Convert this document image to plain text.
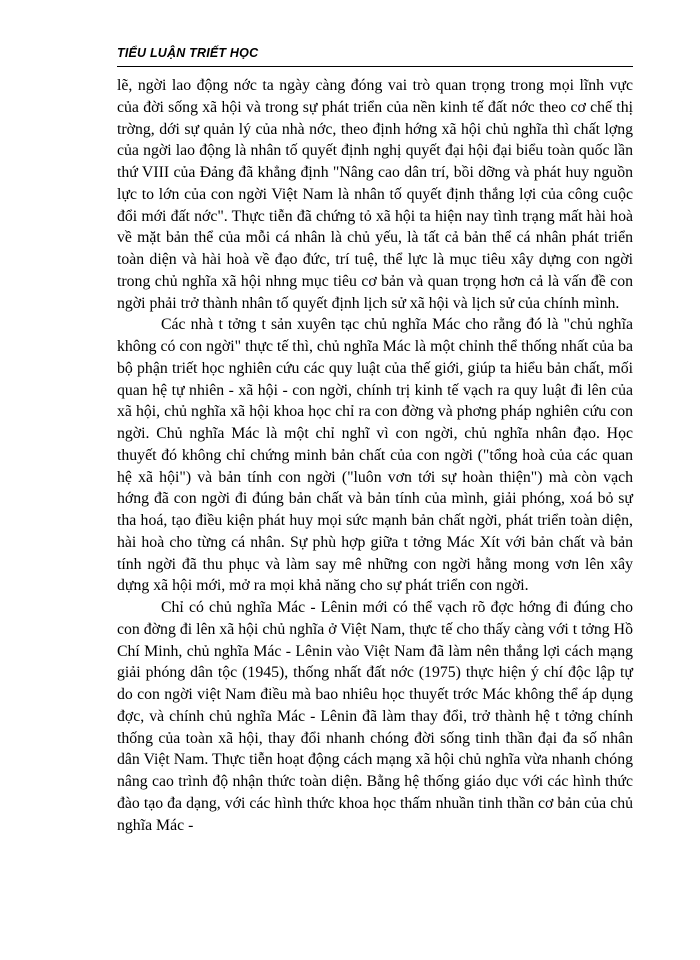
TIỂU LUẬN TRIẾT HỌC

lẽ, ngời lao động nớc ta ngày càng đóng vai trò quan trọng trong mọi lĩnh vực của đời sống xã hội và trong sự phát triển của nền kinh tế đất nớc theo cơ chế thị trờng, dới sự quản lý của nhà nớc, theo định hớng xã hội chủ nghĩa thì chất lợng của ngời lao động là nhân tố quyết định nghị quyết đại hội đại biểu toàn quốc lần thứ VIII của Đảng đã khẳng định "Nâng cao dân trí, bồi dỡng và phát huy nguồn lực to lớn của con ngời Việt Nam là nhân tố quyết định thắng lợi của công cuộc đổi mới đất nớc". Thực tiễn đã chứng tỏ xã hội ta hiện nay tình trạng mất hài hoà về mặt bản thể của mỗi cá nhân là chủ yếu, là tất cả bản thể cá nhân phát triển toàn diện và hài hoà về đạo đức, trí tuệ, thể lực là mục tiêu xây dựng con ngời trong chủ nghĩa xã hội nhng mục tiêu cơ bản và quan trọng hơn cả là vấn đề con ngời phải trở thành nhân tố quyết định lịch sử xã hội và lịch sử của chính mình.

Các nhà t tởng t sản xuyên tạc chủ nghĩa Mác cho rằng đó là "chủ nghĩa không có con ngời" thực tế thì, chủ nghĩa Mác là một chỉnh thể thống nhất của ba bộ phận triết học nghiên cứu các quy luật của thế giới, giúp ta hiểu bản chất, mối quan hệ tự nhiên - xã hội - con ngời, chính trị kinh tế vạch ra quy luật đi lên của xã hội, chủ nghĩa xã hội khoa học chỉ ra con đờng và phơng pháp nghiên cứu con ngời. Chủ nghĩa Mác là một chỉ nghĩ vì con ngời, chủ nghĩa nhân đạo. Học thuyết đó không chỉ chứng minh bản chất của con ngời ("tổng hoà của các quan hệ xã hội") và bản tính con ngời ("luôn vơn tới sự hoàn thiện") mà còn vạch hớng đã con ngời đi đúng bản chất và bản tính của mình, giải phóng, xoá bỏ sự tha hoá, tạo điều kiện phát huy mọi sức mạnh bản chất ngời, phát triển toàn diện, hài hoà cho từng cá nhân. Sự phù hợp giữa t tởng Mác Xít với bản chất và bản tính ngời đã thu phục và làm say mê những con ngời hằng mong vơn lên xây dựng xã hội mới, mở ra mọi khả năng cho sự phát triển con ngời.

Chỉ có chủ nghĩa Mác - Lênin mới có thể vạch rõ đợc hớng đi đúng cho con đờng đi lên xã hội chủ nghĩa ở Việt Nam, thực tế cho thấy càng với t tởng Hồ Chí Minh, chủ nghĩa Mác - Lênin vào Việt Nam đã làm nên thắng lợi cách mạng giải phóng dân tộc (1945), thống nhất đất nớc (1975) thực hiện ý chí độc lập tự do con ngời việt Nam điều mà bao nhiêu học thuyết trớc Mác không thể áp dụng đợc, và chính chủ nghĩa Mác - Lênin đã làm thay đổi, trở thành hệ t tởng chính thống của toàn xã hội, thay đổi nhanh chóng đời sống tinh thần đại đa số nhân dân Việt Nam. Thực tiễn hoạt động cách mạng xã hội chủ nghĩa vừa nhanh chóng nâng cao trình độ nhận thức toàn diện. Bằng hệ thống giáo dục với các hình thức đào tạo đa dạng, với các hình thức khoa học thấm nhuần tinh thần cơ bản của chủ nghĩa Mác -
